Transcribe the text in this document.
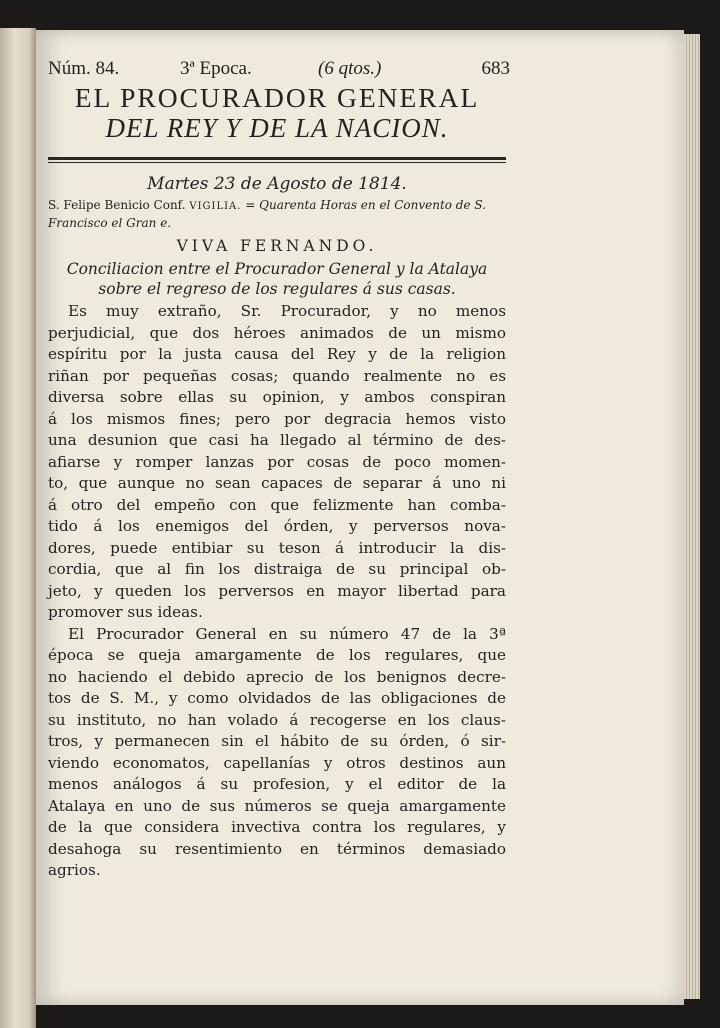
Núm. 84.	3ª Epoca.	(6 qtos.)	683
EL PROCURADOR GENERAL
DEL REY Y DE LA NACION.
Martes 23 de Agosto de 1814.
S. Felipe Benicio Conf. VIGILIA. = Quarenta Horas en el Convento de S. Francisco el Gran e.
VIVA FERNANDO.
Conciliacion entre el Procurador General y la Atalaya
sobre el regreso de los regulares á sus casas.
Es muy extraño, Sr. Procurador, y no menos
perjudicial, que dos héroes animados de un mismo
espíritu por la justa causa del Rey y de la religion
riñan por pequeñas cosas; quando realmente no es
diversa sobre ellas su opinion, y ambos conspiran
á los mismos fines; pero por degracia hemos visto
una desunion que casi ha llegado al término de des-
afiarse y romper lanzas por cosas de poco momen-
to, que aunque no sean capaces de separar á uno ni
á otro del empeño con que felizmente han comba-
tido á los enemigos del órden, y perversos nova-
dores, puede entibiar su teson á introducir la dis-
cordia, que al fin los distraiga de su principal ob-
jeto, y queden los perversos en mayor libertad para
promover sus ideas.
El Procurador General en su número 47 de la 3ª
época se queja amargamente de los regulares, que
no haciendo el debido aprecio de los benignos decre-
tos de S. M., y como olvidados de las obligaciones de
su instituto, no han volado á recogerse en los claus-
tros, y permanecen sin el hábito de su órden, ó sir-
viendo economatos, capellanías y otros destinos aun
menos análogos á su profesion, y el editor de la
Atalaya en uno de sus números se queja amargamente
de la que considera invectiva contra los regulares, y
desahoga su resentimiento en términos demasiado
agrios.
